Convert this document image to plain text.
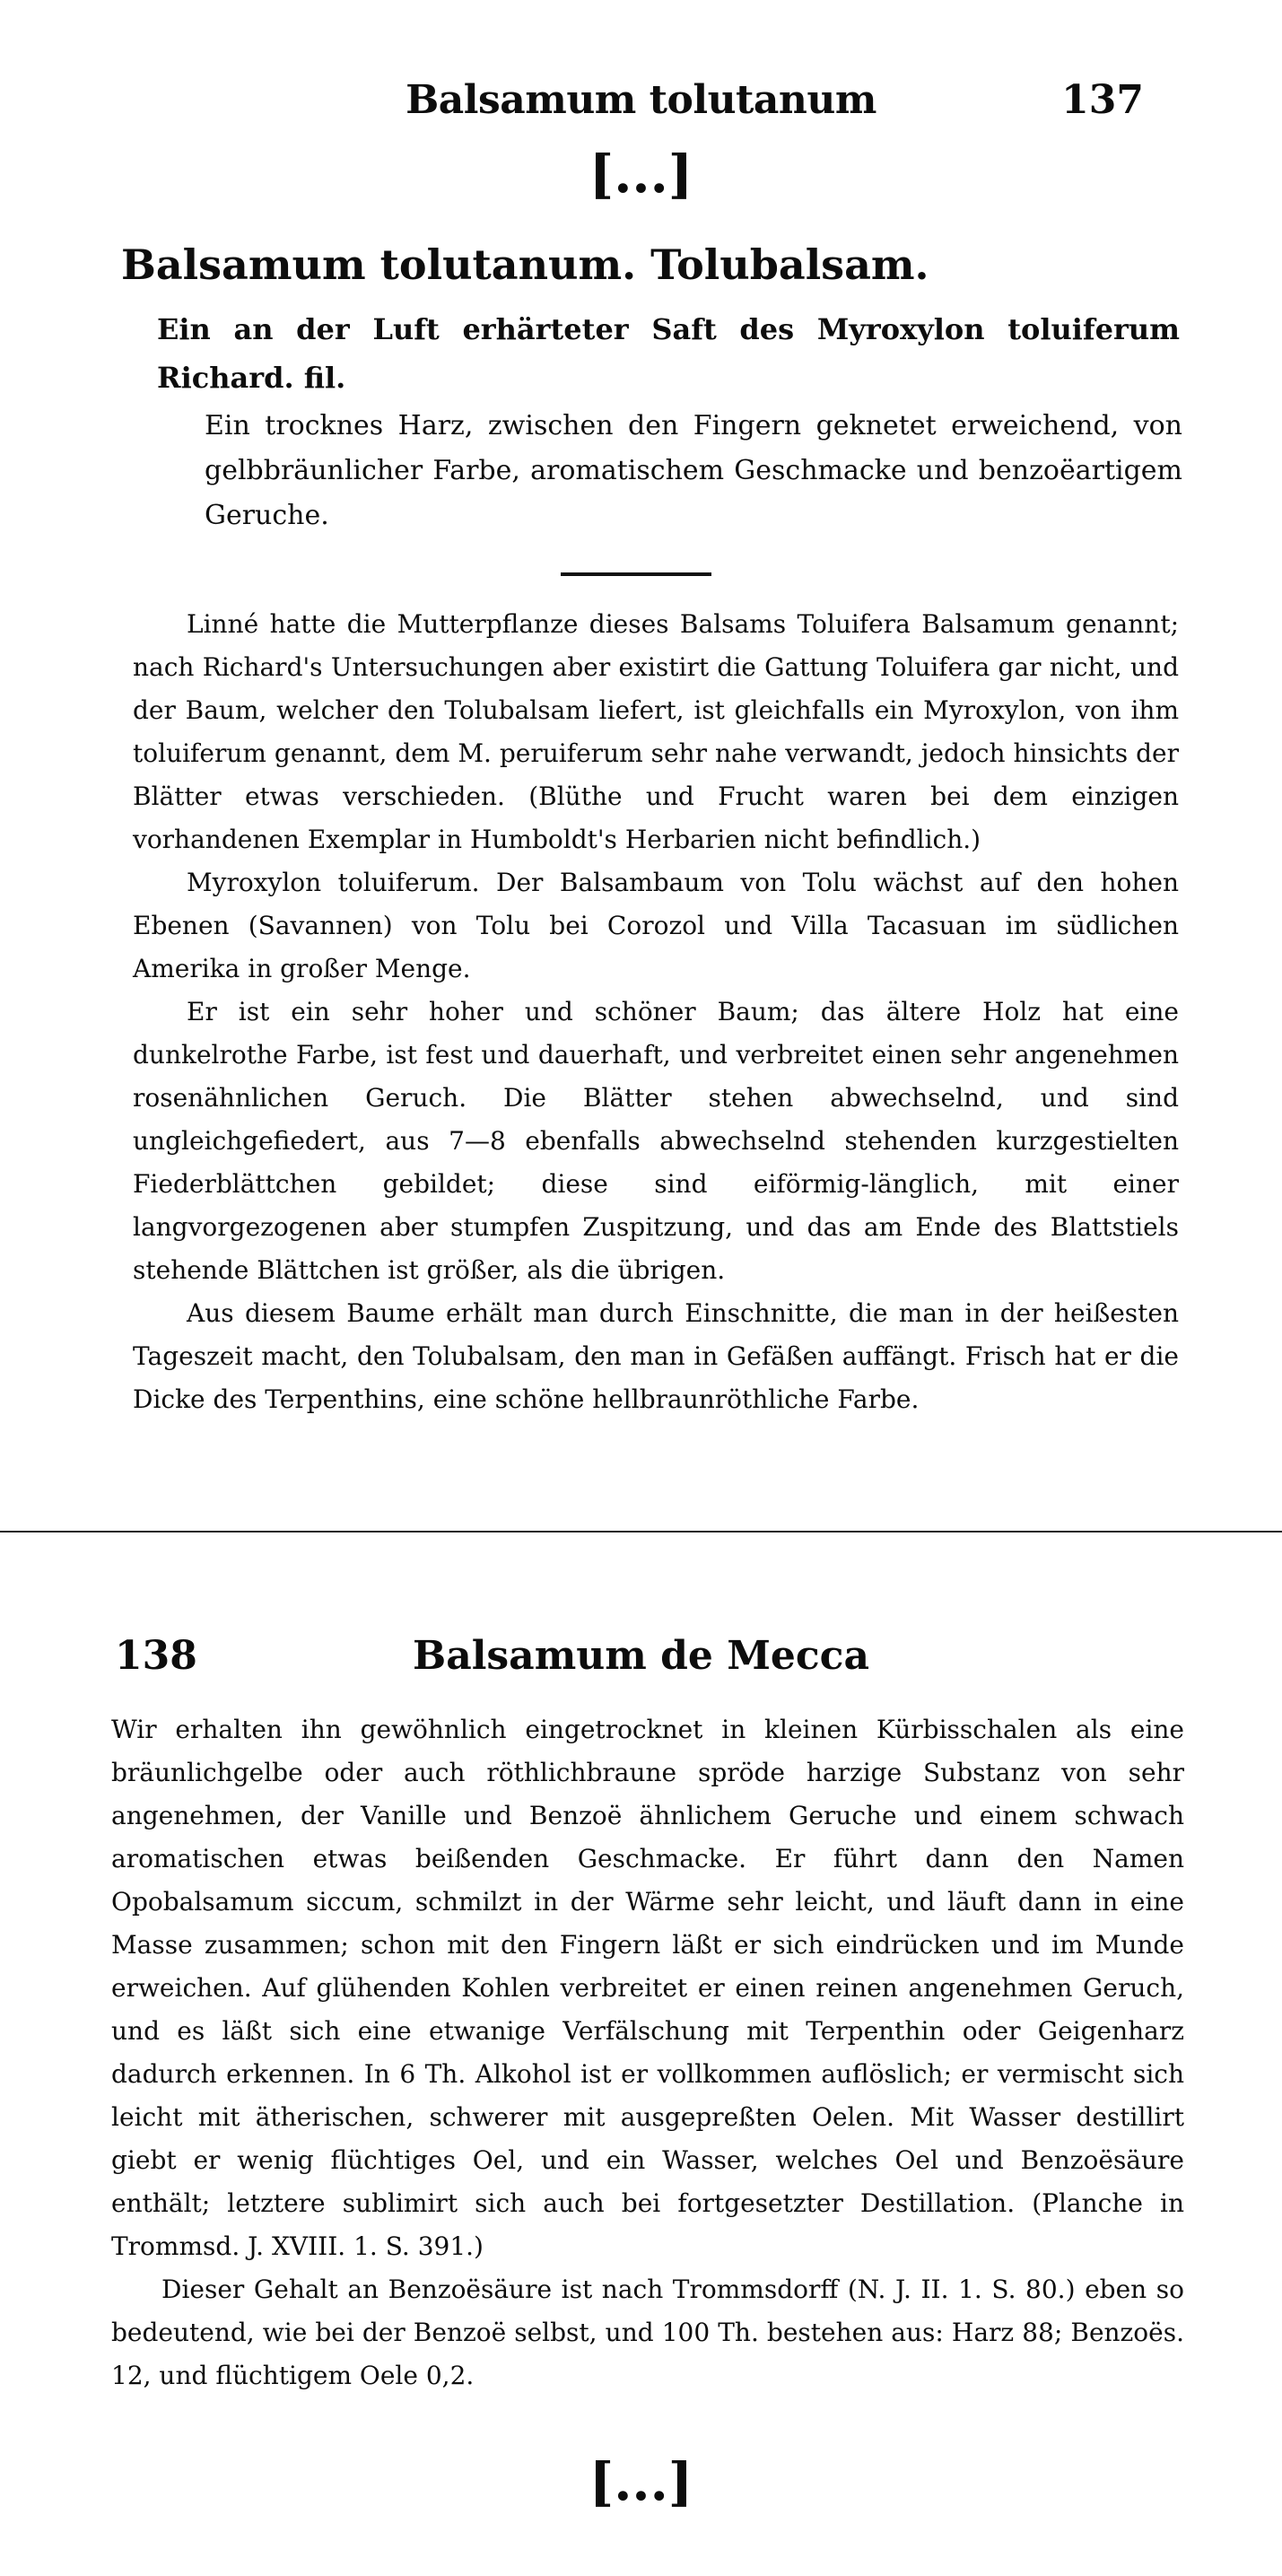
Balsamum tolutanum	137
[...]
Balsamum tolutanum. Tolubalsam.
Ein an der Luft erhärteter Saft des Myroxylon toluiferum Richard. fil.
Ein trocknes Harz, zwischen den Fingern geknetet erweichend, von gelbbräunlicher Farbe, aromatischem Geschmacke und benzoëartigem Geruche.

Linné hatte die Mutterpflanze dieses Balsams Toluifera Balsamum genannt; nach Richard's Untersuchungen aber existirt die Gattung Toluifera gar nicht, und der Baum, welcher den Tolubalsam liefert, ist gleichfalls ein Myroxylon, von ihm toluiferum genannt, dem M. peruiferum sehr nahe verwandt, jedoch hinsichts der Blätter etwas verschieden. (Blüthe und Frucht waren bei dem einzigen vorhandenen Exemplar in Humboldt's Herbarien nicht befindlich.)

Myroxylon toluiferum. Der Balsambaum von Tolu wächst auf den hohen Ebenen (Savannen) von Tolu bei Corozol und Villa Tacasuan im südlichen Amerika in großer Menge.

Er ist ein sehr hoher und schöner Baum; das ältere Holz hat eine dunkelrothe Farbe, ist fest und dauerhaft, und verbreitet einen sehr angenehmen rosenähnlichen Geruch. Die Blätter stehen abwechselnd, und sind ungleichgefiedert, aus 7—8 ebenfalls abwechselnd stehenden kurzgestielten Fiederblättchen gebildet; diese sind eiförmig-länglich, mit einer langvorgezogenen aber stumpfen Zuspitzung, und das am Ende des Blattstiels stehende Blättchen ist größer, als die übrigen.

Aus diesem Baume erhält man durch Einschnitte, die man in der heißesten Tageszeit macht, den Tolubalsam, den man in Gefäßen auffängt. Frisch hat er die Dicke des Terpenthins, eine schöne hellbraunröthliche Farbe.

138	Balsamum de Mecca

Wir erhalten ihn gewöhnlich eingetrocknet in kleinen Kürbisschalen als eine bräunlichgelbe oder auch röthlichbraune spröde harzige Substanz von sehr angenehmen, der Vanille und Benzoë ähnlichem Geruche und einem schwach aromatischen etwas beißenden Geschmacke. Er führt dann den Namen Opobalsamum siccum, schmilzt in der Wärme sehr leicht, und läuft dann in eine Masse zusammen; schon mit den Fingern läßt er sich eindrücken und im Munde erweichen. Auf glühenden Kohlen verbreitet er einen reinen angenehmen Geruch, und es läßt sich eine etwanige Verfälschung mit Terpenthin oder Geigenharz dadurch erkennen. In 6 Th. Alkohol ist er vollkommen auflöslich; er vermischt sich leicht mit ätherischen, schwerer mit ausgepreßten Oelen. Mit Wasser destillirt giebt er wenig flüchtiges Oel, und ein Wasser, welches Oel und Benzoësäure enthält; letztere sublimirt sich auch bei fortgesetzter Destillation. (Planche in Trommsd. J. XVIII. 1. S. 391.)

Dieser Gehalt an Benzoësäure ist nach Trommsdorff (N. J. II. 1. S. 80.) eben so bedeutend, wie bei der Benzoë selbst, und 100 Th. bestehen aus: Harz 88; Benzoës. 12, und flüchtigem Oele 0,2.

[...]
